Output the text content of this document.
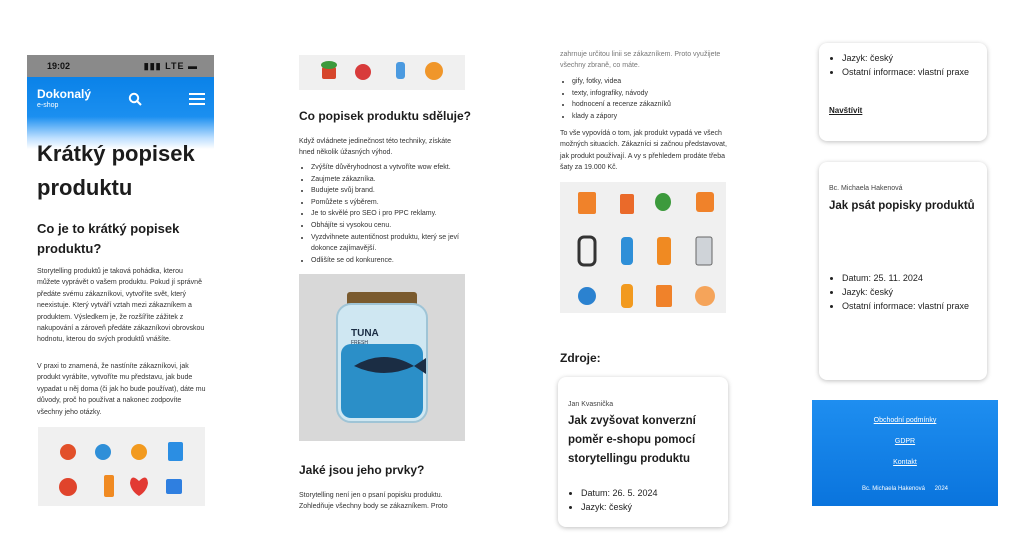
19:02	▮▮▮ LTE ▬
Dokonalý
e-shop
Krátký popisek produktu
Co je to krátký popisek produktu?
Storytelling produktů je taková pohádka, kterou můžete vyprávět o vašem produktu. Pokud jí správně předáte svému zákazníkovi, vytvoříte svět, který neexistuje. Který vytváří vztah mezi zákazníkem a produktem. Výsledkem je, že rozšíříte zážitek z nakupování a zároveň předáte zákazníkovi obrovskou hodnotu, kterou do svých produktů vnášíte.
V praxi to znamená, že nastíníte zákazníkovi, jak produkt vyrábíte, vytvoříte mu představu, jak bude vypadat u něj doma (či jak ho bude používat), dáte mu důvody, proč ho používat a nakonec zodpovíte všechny jeho otázky.
Co popisek produktu sděluje?
Když ovládnete jedinečnost této techniky, získáte hned několik úžasných výhod.
• Zvýšíte důvěryhodnost a vytvoříte wow efekt.
• Zaujmete zákazníka.
• Budujete svůj brand.
• Pomůžete s výběrem.
• Je to skvělé pro SEO i pro PPC reklamy.
• Obhájíte si vysokou cenu.
• Vyzdvihnete autentičnost produktu, který se jeví dokonce zajímavější.
• Odlišíte se od konkurence.
TUNA
FRESH
Jaké jsou jeho prvky?
Storytelling není jen o psaní popisku produktu. Zohledňuje všechny body se zákazníkem. Proto
zahrnuje určitou linii se zákazníkem. Proto využijete všechny zbraně, co máte.
• gify, fotky, videa
• texty, infografiky, návody
• hodnocení a recenze zákazníků
• klady a zápory
To vše vypovídá o tom, jak produkt vypadá ve všech možných situacích. Zákazníci si začnou představovat, jak produkt používají. A vy s přehledem prodáte třeba šaty za 19.000 Kč.
Zdroje:
Jan Kvasnička
Jak zvyšovat konverzní poměr e-shopu pomocí storytellingu produktu
• Datum: 26. 5. 2024
• Jazyk: český
• Jazyk: český
• Ostatní informace: vlastní praxe
Navštívit
Bc. Michaela Hakenová
Jak psát popisky produktů
• Datum: 25. 11. 2024
• Jazyk: český
• Ostatní informace: vlastní praxe
Obchodní podmínky
GDPR
Kontakt
Bc. Michaela Hakenová 2024
